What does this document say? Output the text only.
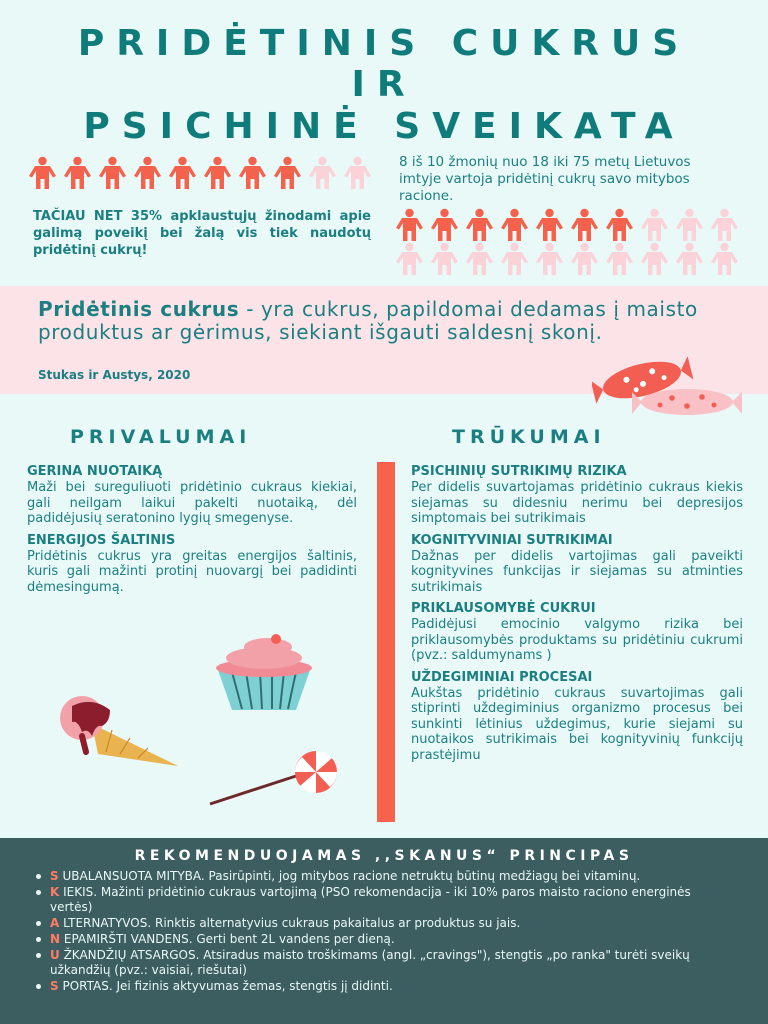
PRIDĖTINIS CUKRUS
IR
PSICHINĖ SVEIKATA
8 iš 10 žmonių nuo 18 iki 75 metų Lietuvos imtyje vartoja pridėtinį cukrų savo mitybos racione.
TAČIAU NET 35% apklaustųjų žinodami apie galimą poveikį bei žalą vis tiek naudotų pridėtinį cukrų!
Pridėtinis cukrus - yra cukrus, papildomai dedamas į maisto produktus ar gėrimus, siekiant išgauti saldesnį skonį.
Stukas ir Austys, 2020
PRIVALUMAI	TRŪKUMAI
GERINA NUOTAIKĄ

Maži bei sureguliuoti pridėtinio cukraus kiekiai, gali neilgam laikui pakelti nuotaiką, dėl padidėjusių seratonino lygių smegenyse.

ENERGIJOS ŠALTINIS

Pridėtinis cukrus yra greitas energijos šaltinis, kuris gali mažinti protinį nuovargį bei padidinti dėmesingumą.

PSICHINIŲ SUTRIKIMŲ RIZIKA

Per didelis suvartojamas pridėtinio cukraus kiekis siejamas su didesniu nerimu bei depresijos simptomais bei sutrikimais

KOGNITYVINIAI SUTRIKIMAI

Dažnas per didelis vartojimas gali paveikti kognityvines funkcijas ir siejamas su atminties sutrikimais

PRIKLAUSOMYBĖ CUKRUI

Padidėjusi emocinio valgymo rizika bei priklausomybės produktams su pridėtiniu cukrumi (pvz.: saldumynams )

UŽDEGIMINIAI PROCESAI

Aukštas pridėtinio cukraus suvartojimas gali stiprinti uždegiminius organizmo procesus bei sunkinti lėtinius uždegimus, kurie siejami su nuotaikos sutrikimais bei kognityvinių funkcijų prastėjimu

REKOMENDUOJAMAS ,,SKANUS“ PRINCIPAS
S UBALANSUOTA MITYBA. Pasirūpinti, jog mitybos racione netruktų būtinų medžiagų bei vitaminų.
K IEKIS. Mažinti pridėtinio cukraus vartojimą (PSO rekomendacija - iki 10% paros maisto raciono energinės vertės)
A LTERNATYVOS. Rinktis alternatyvius cukraus pakaitalus ar produktus su jais.
N EPAMIRŠTI VANDENS. Gerti bent 2L vandens per dieną.
U ŽKANDŽIŲ ATSARGOS. Atsiradus maisto troškimams (angl. „cravings"), stengtis „po ranka" turėti sveikų užkandžių (pvz.: vaisiai, riešutai)
S PORTAS. Jei fizinis aktyvumas žemas, stengtis jį didinti.
